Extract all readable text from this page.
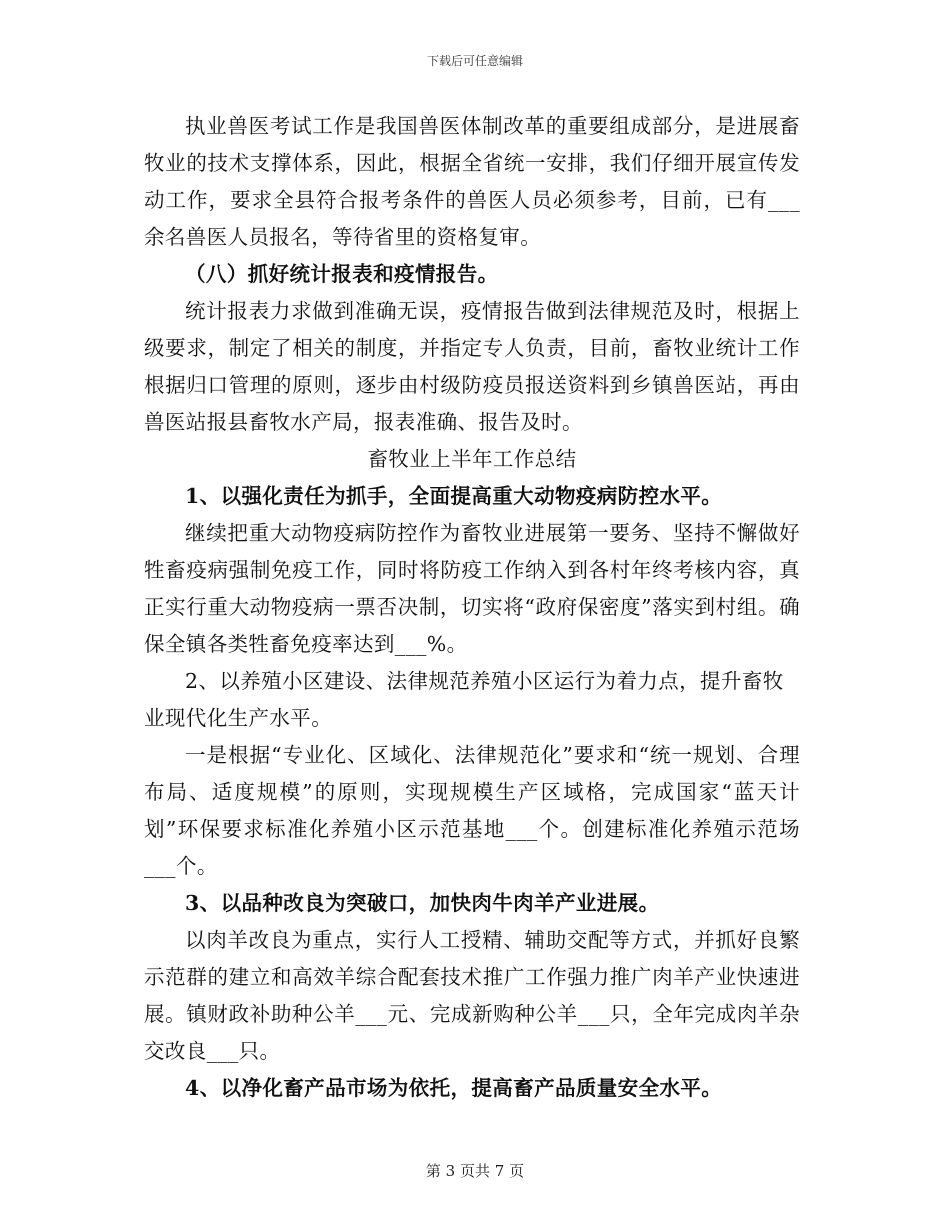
下载后可任意编辑

执业兽医考试工作是我国兽医体制改革的重要组成部分，是进展畜牧业的技术支撑体系，因此，根据全省统一安排，我们仔细开展宣传发动工作，要求全县符合报考条件的兽医人员必须参考，目前，已有___余名兽医人员报名，等待省里的资格复审。

（八）抓好统计报表和疫情报告。

统计报表力求做到准确无误，疫情报告做到法律规范及时，根据上级要求，制定了相关的制度，并指定专人负责，目前，畜牧业统计工作根据归口管理的原则，逐步由村级防疫员报送资料到乡镇兽医站，再由兽医站报县畜牧水产局，报表准确、报告及时。

畜牧业上半年工作总结

1、以强化责任为抓手，全面提高重大动物疫病防控水平。

继续把重大动物疫病防控作为畜牧业进展第一要务、坚持不懈做好牲畜疫病强制免疫工作，同时将防疫工作纳入到各村年终考核内容，真正实行重大动物疫病一票否决制，切实将“政府保密度”落实到村组。确保全镇各类牲畜免疫率达到___%。

2、以养殖小区建设、法律规范养殖小区运行为着力点，提升畜牧业现代化生产水平。

一是根据“专业化、区域化、法律规范化”要求和“统一规划、合理布局、适度规模”的原则，实现规模生产区域格，完成国家“蓝天计划”环保要求标准化养殖小区示范基地___个。创建标准化养殖示范场___个。

3、以品种改良为突破口，加快肉牛肉羊产业进展。

以肉羊改良为重点，实行人工授精、辅助交配等方式，并抓好良繁示范群的建立和高效羊综合配套技术推广工作强力推广肉羊产业快速进展。镇财政补助种公羊___元、完成新购种公羊___只，全年完成肉羊杂交改良___只。

4、以净化畜产品市场为依托，提高畜产品质量安全水平。

第 3 页共 7 页
